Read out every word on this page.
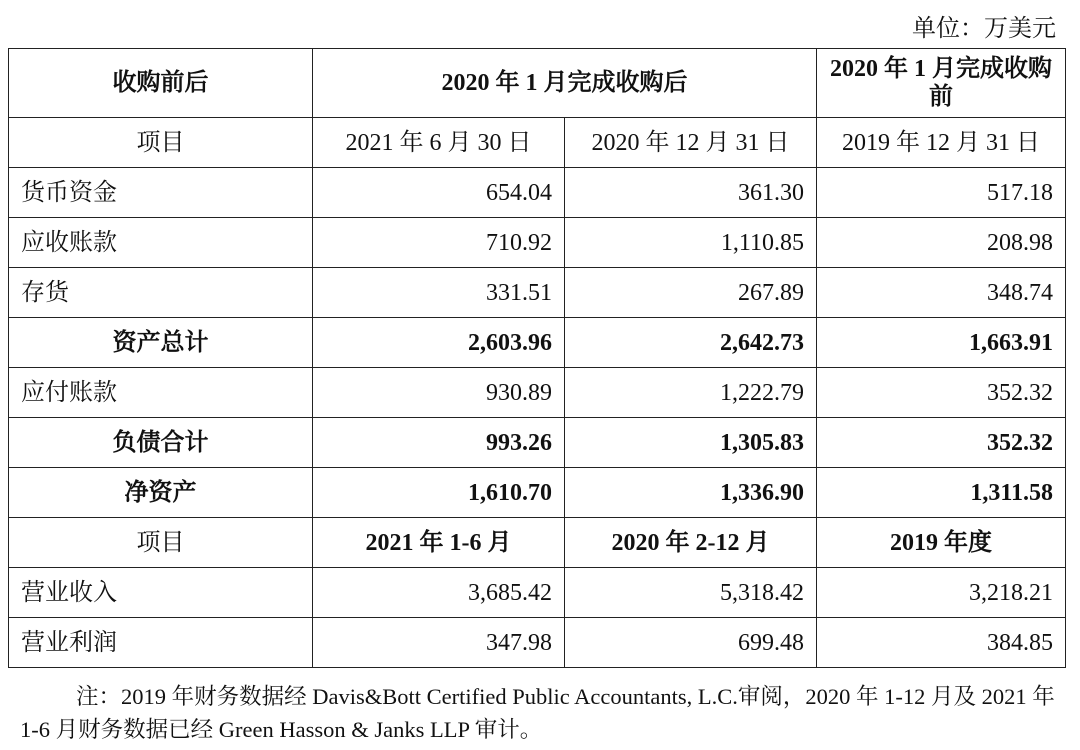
单位：万美元
收购前后	2020 年 1 月完成收购后		2020 年 1 月完成收购前
项目	2021 年 6 月 30 日	2020 年 12 月 31 日	2019 年 12 月 31 日
货币资金	654.04	361.30	517.18
应收账款	710.92	1,110.85	208.98
存货	331.51	267.89	348.74
资产总计	2,603.96	2,642.73	1,663.91
应付账款	930.89	1,222.79	352.32
负债合计	993.26	1,305.83	352.32
净资产	1,610.70	1,336.90	1,311.58
项目	2021 年 1-6 月	2020 年 2-12 月	2019 年度
营业收入	3,685.42	5,318.42	3,218.21
营业利润	347.98	699.48	384.85
注：2019 年财务数据经 Davis&Bott Certified Public Accountants, L.C.审阅，2020 年 1-12 月及 2021 年 1-6 月财务数据已经 Green Hasson & Janks LLP 审计。
